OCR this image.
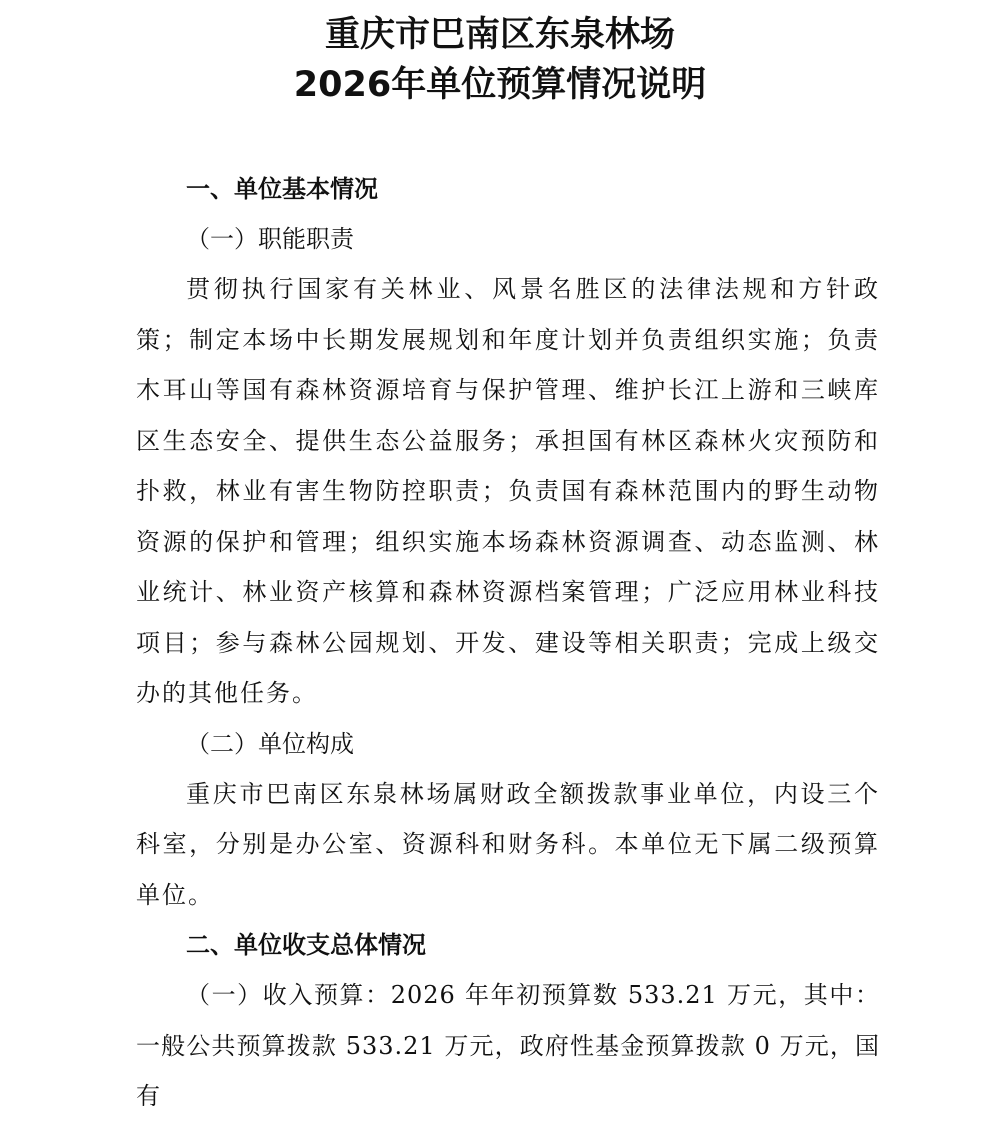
重庆市巴南区东泉林场
2026年单位预算情况说明
一、单位基本情况
（一）职能职责

贯彻执行国家有关林业、风景名胜区的法律法规和方针政策；制定本场中长期发展规划和年度计划并负责组织实施；负责木耳山等国有森林资源培育与保护管理、维护长江上游和三峡库区生态安全、提供生态公益服务；承担国有林区森林火灾预防和扑救，林业有害生物防控职责；负责国有森林范围内的野生动物资源的保护和管理；组织实施本场森林资源调查、动态监测、林业统计、林业资产核算和森林资源档案管理；广泛应用林业科技项目；参与森林公园规划、开发、建设等相关职责；完成上级交办的其他任务。

（二）单位构成

重庆市巴南区东泉林场属财政全额拨款事业单位，内设三个科室，分别是办公室、资源科和财务科。本单位无下属二级预算单位。

二、单位收支总体情况

（一）收入预算：2026 年年初预算数 533.21 万元，其中：一般公共预算拨款 533.21 万元，政府性基金预算拨款 0 万元，国有
